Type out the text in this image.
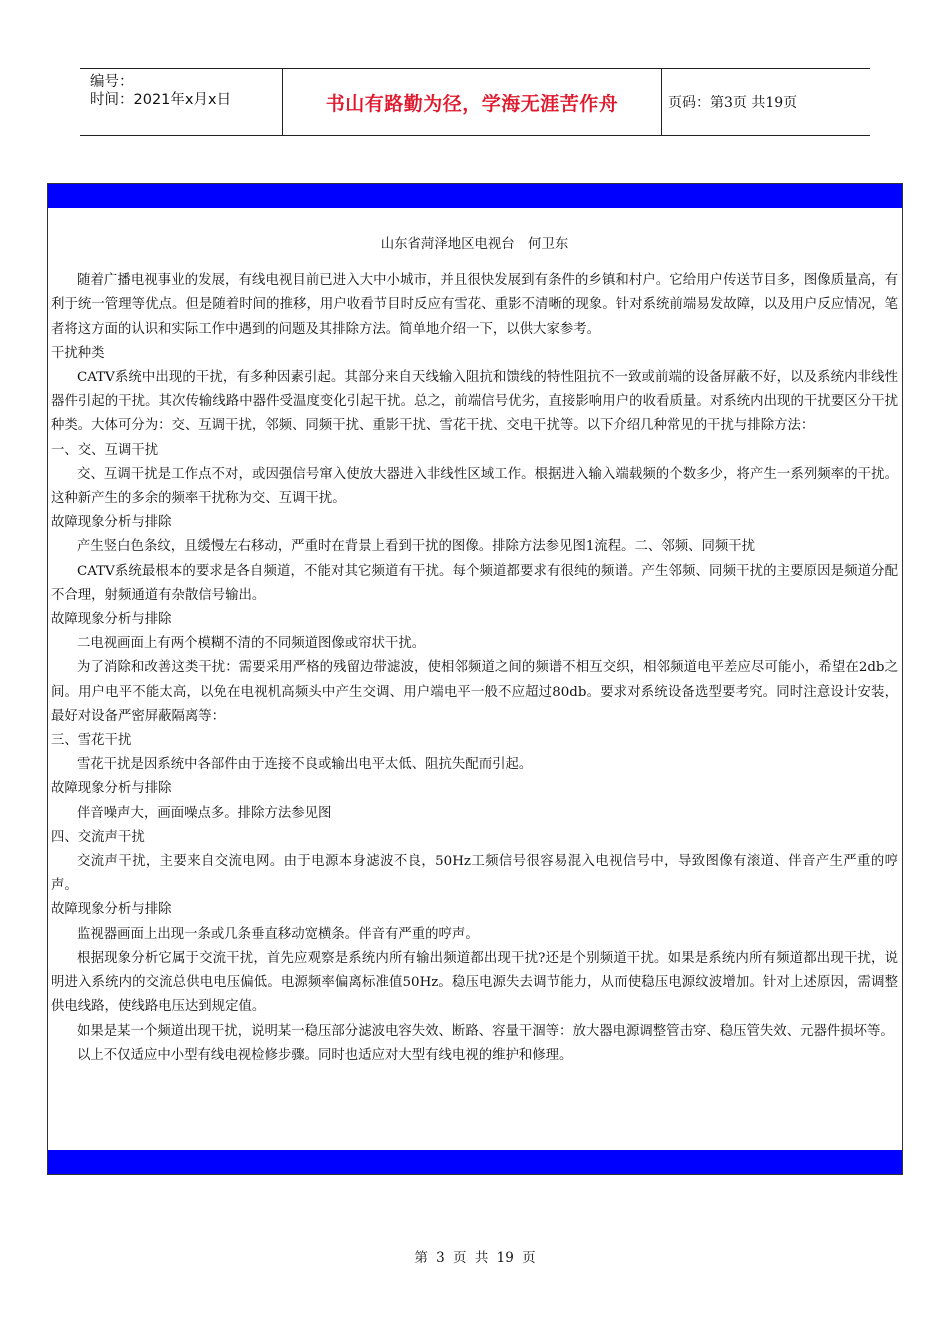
编号：
时间：2021年x月x日	书山有路勤为径，学海无涯苦作舟	页码：第3页 共19页

山东省菏泽地区电视台　何卫东

随着广播电视事业的发展，有线电视目前已进入大中小城市，并且很快发展到有条件的乡镇和村户。它给用户传送节目多，图像质量高，有利于统一管理等优点。但是随着时间的推移，用户收看节目时反应有雪花、重影不清晰的现象。针对系统前端易发故障，以及用户反应情况，笔者将这方面的认识和实际工作中遇到的问题及其排除方法。简单地介绍一下，以供大家参考。

干扰种类

CATV系统中出现的干扰，有多种因素引起。其部分来自天线输入阻抗和馈线的特性阻抗不一致或前端的设备屏蔽不好，以及系统内非线性器件引起的干扰。其次传输线路中器件受温度变化引起干扰。总之，前端信号优劣，直接影响用户的收看质量。对系统内出现的干扰要区分干扰种类。大体可分为：交、互调干扰，邻频、同频干扰、重影干扰、雪花干扰、交电干扰等。以下介绍几种常见的干扰与排除方法：

一、交、互调干扰

交、互调干扰是工作点不对，或因强信号窜入使放大器进入非线性区域工作。根据进入输入端载频的个数多少，将产生一系列频率的干扰。这种新产生的多余的频率干扰称为交、互调干扰。

故障现象分析与排除

产生竖白色条纹，且缓慢左右移动，严重时在背景上看到干扰的图像。排除方法参见图1流程。二、邻频、同频干扰

CATV系统最根本的要求是各自频道，不能对其它频道有干扰。每个频道都要求有很纯的频谱。产生邻频、同频干扰的主要原因是频道分配不合理，射频通道有杂散信号输出。

故障现象分析与排除

二电视画面上有两个模糊不清的不同频道图像或帘状干扰。

为了消除和改善这类干扰：需要采用严格的残留边带滤波，使相邻频道之间的频谱不相互交织，相邻频道电平差应尽可能小，希望在2db之间。用户电平不能太高，以免在电视机高频头中产生交调、用户端电平一般不应超过80db。要求对系统设备选型要考究。同时注意设计安装，最好对设备严密屏蔽隔离等：

三、雪花干扰

雪花干扰是因系统中各部件由于连接不良或输出电平太低、阻抗失配而引起。

故障现象分析与排除

伴音噪声大，画面噪点多。排除方法参见图

四、交流声干扰

交流声干扰，主要来自交流电网。由于电源本身滤波不良，50Hz工频信号很容易混入电视信号中，导致图像有滚道、伴音产生严重的哼声。

故障现象分析与排除

监视器画面上出现一条或几条垂直移动宽横条。伴音有严重的哼声。

根据现象分析它属于交流干扰，首先应观察是系统内所有输出频道都出现干扰?还是个别频道干扰。如果是系统内所有频道都出现干扰，说明进入系统内的交流总供电电压偏低。电源频率偏离标准值50Hz。稳压电源失去调节能力，从而使稳压电源纹波增加。针对上述原因，需调整供电线路，使线路电压达到规定值。

如果是某一个频道出现干扰，说明某一稳压部分滤波电容失效、断路、容量干涸等：放大器电源调整管击穿、稳压管失效、元器件损坏等。

以上不仅适应中小型有线电视检修步骤。同时也适应对大型有线电视的维护和修理。

第 3 页 共 19 页
